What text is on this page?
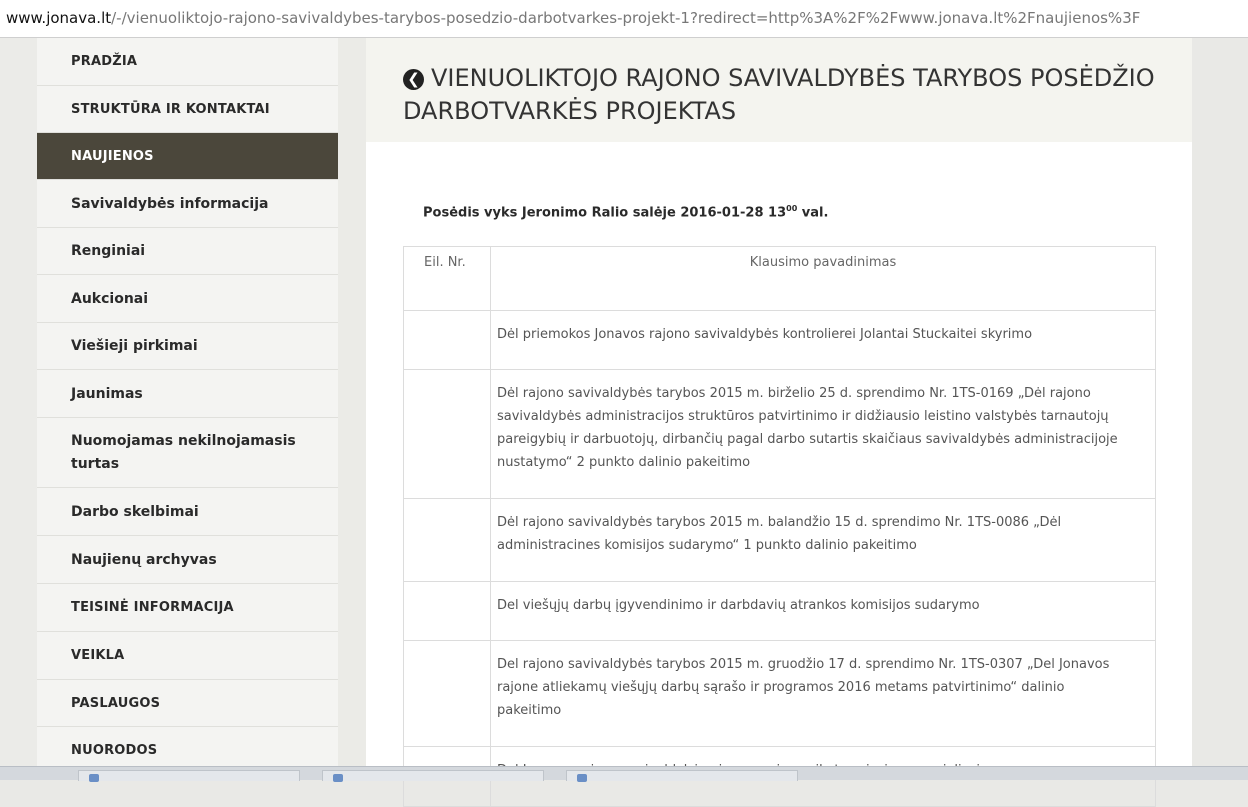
www.jonava.lt/-/vienuoliktojo-rajono-savivaldybes-tarybos-posedzio-darbotvarkes-projekt-1?redirect=http%3A%2F%2Fwww.jonava.lt%2Fnaujienos%3F
PRADŽIA
STRUKTŪRA IR KONTAKTAI
NAUJIENOS
Savivaldybės informacija
Renginiai
Aukcionai
Viešieji pirkimai
Jaunimas
Nuomojamas nekilnojamasis turtas
Darbo skelbimai
Naujienų archyvas
TEISINĖ INFORMACIJA
VEIKLA
PASLAUGOS
NUORODOS
❮ VIENUOLIKTOJO RAJONO SAVIVALDYBĖS TARYBOS POSĖDŽIO DARBOTVARKĖS PROJEKTAS
Posėdis vyks Jeronimo Ralio salėje 2016-01-28 $13^{00}$ val.
Eil. Nr.	Klausimo pavadinimas
	Dėl priemokos Jonavos rajono savivaldybės kontrolierei Jolantai Stuckaitei skyrimo
	Dėl rajono savivaldybės tarybos 2015 m. birželio 25 d. sprendimo Nr. 1TS-0169 „Dėl rajono savivaldybės administracijos struktūros patvirtinimo ir didžiausio leistino valstybės tarnautojų pareigybių ir darbuotojų, dirbančių pagal darbo sutartis skaičiaus savivaldybės administracijoje nustatymo“ 2 punkto dalinio pakeitimo
	Dėl rajono savivaldybės tarybos 2015 m. balandžio 15 d. sprendimo Nr. 1TS-0086 „Dėl administracines komisijos sudarymo“ 1 punkto dalinio pakeitimo
	Del viešųjų darbų įgyvendinimo ir darbdavių atrankos komisijos sudarymo
	Del rajono savivaldybės tarybos 2015 m. gruodžio 17 d. sprendimo Nr. 1TS-0307 „Del Jonavos rajone atliekamų viešųjų darbų sąrašo ir programos 2016 metams patvirtinimo“ dalinio pakeitimo
